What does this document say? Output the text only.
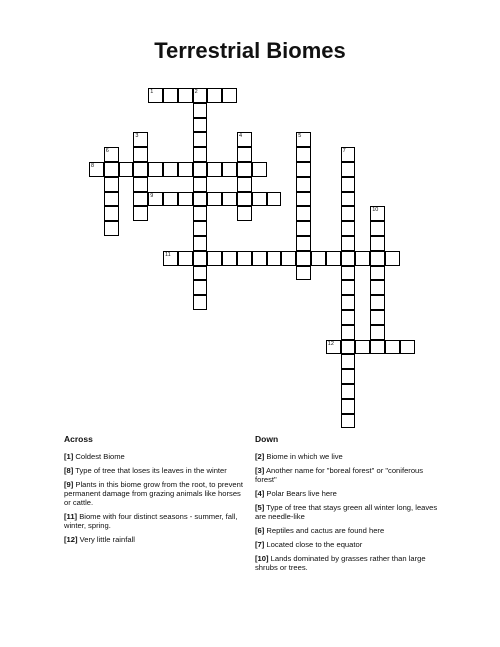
Terrestrial Biomes
1	2
3	4	5
6	7
8
9
10
11
12
Across	Down
[1] Coldest Biome
[8] Type of tree that loses its leaves in the winter
[9] Plants in this biome grow from the root, to prevent permanent damage from grazing animals like horses or cattle.
[11] Biome with four distinct seasons - summer, fall, winter, spring.
[12] Very little rainfall
[2] Biome in which we live
[3] Another name for "boreal forest" or "coniferous forest"
[4] Polar Bears live here
[5] Type of tree that stays green all winter long, leaves are needle-like
[6] Reptiles and cactus are found here
[7] Located close to the equator
[10] Lands dominated by grasses rather than large shrubs or trees.
